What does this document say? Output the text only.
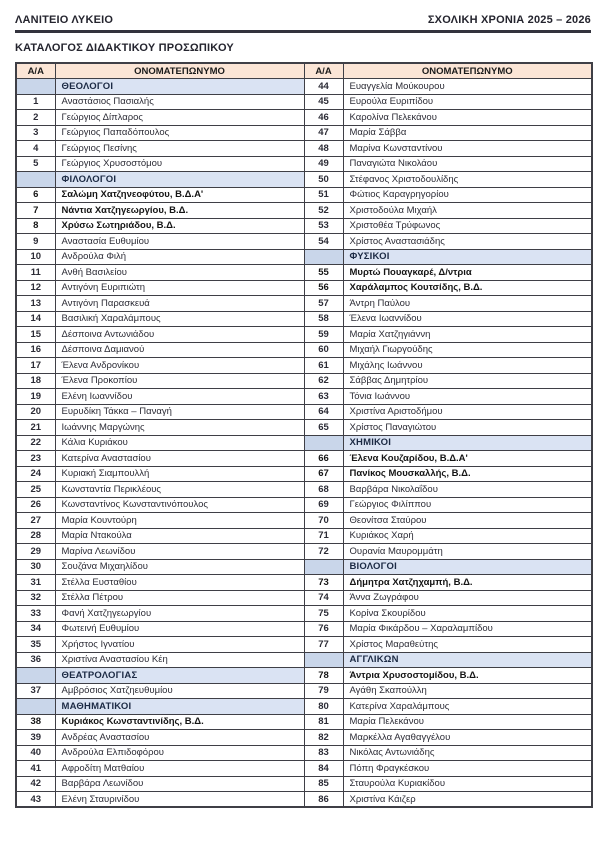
ΛΑΝΙΤΕΙΟ ΛΥΚΕΙΟ	ΣΧΟΛΙΚΗ ΧΡΟΝΙΑ 2025 – 2026
ΚΑΤΑΛΟΓΟΣ ΔΙΔΑΚΤΙΚΟΥ ΠΡΟΣΩΠΙΚΟΥ
Α/Α	ΟΝΟΜΑΤΕΠΩΝΥΜΟ	Α/Α	ΟΝΟΜΑΤΕΠΩΝΥΜΟ
	ΘΕΟΛΟΓΟΙ	44	Ευαγγελία Μούκουρου
1	Αναστάσιος Πασιαλής	45	Ευρούλα Ευριπίδου
2	Γεώργιος Δίπλαρος	46	Καρολίνα Πελεκάνου
3	Γεώργιος Παπαδόπουλος	47	Μαρία Σάββα
4	Γεώργιος Πεσίνης	48	Μαρίνα Κωνσταντίνου
5	Γεώργιος Χρυσοστόμου	49	Παναγιώτα Νικολάου
	ΦΙΛΟΛΟΓΟΙ	50	Στέφανος Χριστοδουλίδης
6	Σαλώμη Χατζηνεοφύτου, Β.Δ.Α'	51	Φώτιος Καραγρηγορίου
7	Νάντια Χατζηγεωργίου, Β.Δ.	52	Χριστοδούλα Μιχαήλ
8	Χρύσω Σωτηριάδου, Β.Δ.	53	Χριστοθέα Τρύφωνος
9	Αναστασία Ευθυμίου	54	Χρίστος Αναστασιάδης
10	Ανδρούλα Φιλή		ΦΥΣΙΚΟΙ
11	Ανθή Βασιλείου	55	Μυρτώ Πουαγκαρέ, Δ/ντρια
12	Αντιγόνη Ευριπιώτη	56	Χαράλαμπος Κουτσίδης, Β.Δ.
13	Αντιγόνη Παρασκευά	57	Άντρη Παύλου
14	Βασιλική Χαραλάμπους	58	Έλενα Ιωαννίδου
15	Δέσποινα Αντωνιάδου	59	Μαρία Χατζηγιάννη
16	Δέσποινα Δαμιανού	60	Μιχαήλ Γιωργούδης
17	Έλενα Ανδρονίκου	61	Μιχάλης Ιωάννου
18	Έλενα Προκοπίου	62	Σάββας Δημητρίου
19	Ελένη Ιωαννίδου	63	Τόνια Ιωάννου
20	Ευρυδίκη Τάκκα – Παναγή	64	Χριστίνα Αριστοδήμου
21	Ιωάννης Μαργώνης	65	Χρίστος Παναγιώτου
22	Κάλια Κυριάκου		ΧΗΜΙΚΟΙ
23	Κατερίνα Αναστασίου	66	Έλενα Κουζαρίδου, Β.Δ.Α'
24	Κυριακή Σιαμπουλλή	67	Πανίκος Μουσκαλλής, Β.Δ.
25	Κωνσταντία Περικλέους	68	Βαρβάρα Νικολαΐδου
26	Κωνσταντίνος Κωνσταντινόπουλος	69	Γεώργιος Φιλίππου
27	Μαρία Κουντούρη	70	Θεονίτσα Σταύρου
28	Μαρία Ντακούλα	71	Κυριάκος Χαρή
29	Μαρίνα Λεωνίδου	72	Ουρανία Μαυρομμάτη
30	Σουζάνα Μιχαηλίδου		ΒΙΟΛΟΓΟΙ
31	Στέλλα Ευσταθίου	73	Δήμητρα Χατζηχαμπή, Β.Δ.
32	Στέλλα Πέτρου	74	Άννα Ζωγράφου
33	Φανή Χατζηγεωργίου	75	Κορίνα Σκουρίδου
34	Φωτεινή Ευθυμίου	76	Μαρία Φικάρδου – Χαραλαμπίδου
35	Χρήστος Ιγνατίου	77	Χρίστος Μαραθεύτης
36	Χριστίνα Αναστασίου Κέη		ΑΓΓΛΙΚΩΝ
	ΘΕΑΤΡΟΛΟΓΙΑΣ	78	Άντρια Χρυσοστομίδου, Β.Δ.
37	Αμβρόσιος Χατζηευθυμίου	79	Αγάθη Σκαπούλλη
	ΜΑΘΗΜΑΤΙΚΟΙ	80	Κατερίνα Χαραλάμπους
38	Κυριάκος Κωνσταντινίδης, Β.Δ.	81	Μαρία Πελεκάνου
39	Ανδρέας Αναστασίου	82	Μαρκέλλα Αγαθαγγέλου
40	Ανδρούλα Ελπιδοφόρου	83	Νικόλας Αντωνιάδης
41	Αφροδίτη Ματθαίου	84	Πόπη Φραγκέσκου
42	Βαρβάρα Λεωνίδου	85	Σταυρούλα Κυριακίδου
43	Ελένη Σταυρινίδου	86	Χριστίνα Κάιζερ
